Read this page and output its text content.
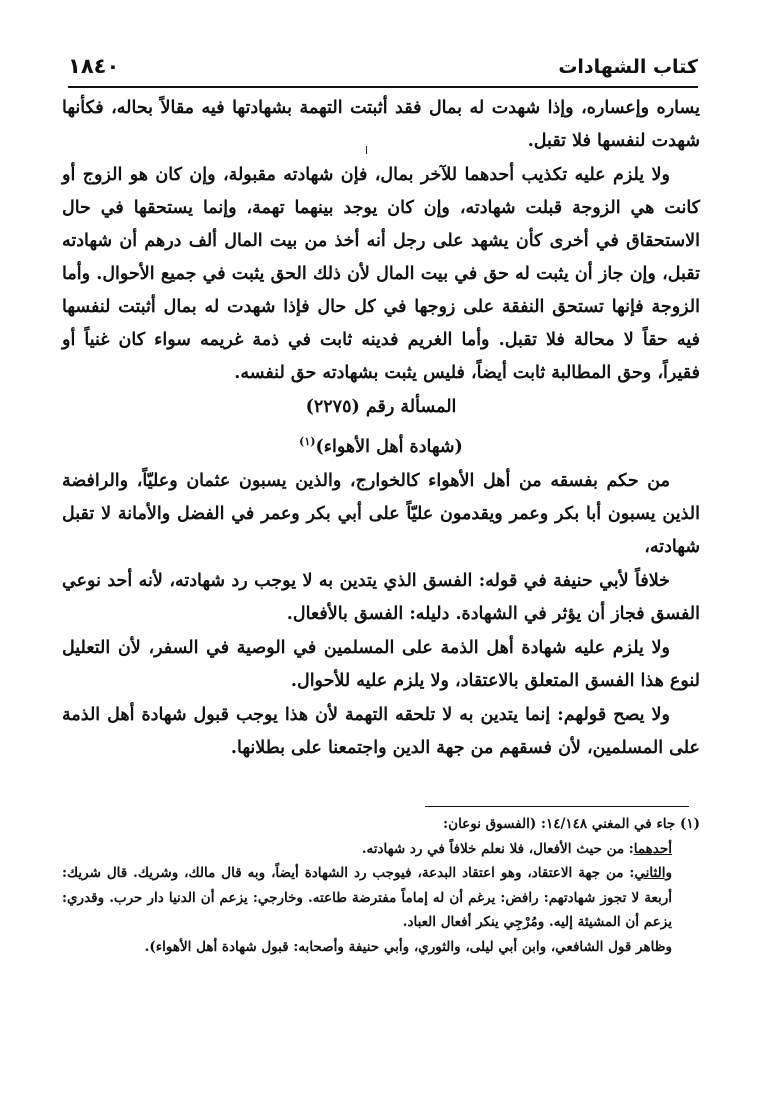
كتاب الشهادات
١٨٤٠

يساره وإعساره، وإذا شهدت له بمال فقد أثبتت التهمة بشهادتها فيه مقالاً بحاله، فكأنها شهدت لنفسها فلا تقبل.

ولا يلزم عليه تكذيب أحدهما للآخر بمال، فإن شهادته مقبولة، وإن كان هو الزوج أو كانت هي الزوجة قبلت شهادته، وإن كان يوجد بينهما تهمة، وإنما يستحقها في حال الاستحقاق في أخرى كأن يشهد على رجل أنه أخذ من بيت المال ألف درهم أن شهادته تقبل، وإن جاز أن يثبت له حق في بيت المال لأن ذلك الحق يثبت في جميع الأحوال. وأما الزوجة فإنها تستحق النفقة على زوجها في كل حال فإذا شهدت له بمال أثبتت لنفسها فيه حقاً لا محالة فلا تقبل. وأما الغريم فدينه ثابت في ذمة غريمه سواء كان غنياً أو فقيراً، وحق المطالبة ثابت أيضاً، فليس يثبت بشهادته حق لنفسه.

المسألة رقم (٢٢٧٥)

(شهادة أهل الأهواء)$^{(١)}$

من حكم بفسقه من أهل الأهواء كالخوارج، والذين يسبون عثمان وعليّاً، والرافضة الذين يسبون أبا بكر وعمر ويقدمون عليّاً على أبي بكر وعمر في الفضل والأمانة لا تقبل شهادته،

خلافاً لأبي حنيفة في قوله: الفسق الذي يتدين به لا يوجب رد شهادته، لأنه أحد نوعي الفسق فجاز أن يؤثر في الشهادة. دليله: الفسق بالأفعال.

ولا يلزم عليه شهادة أهل الذمة على المسلمين في الوصية في السفر، لأن التعليل لنوع هذا الفسق المتعلق بالاعتقاد، ولا يلزم عليه للأحوال.

ولا يصح قولهم: إنما يتدين به لا تلحقه التهمة لأن هذا يوجب قبول شهادة أهل الذمة على المسلمين، لأن فسقهم من جهة الدين واجتمعنا على بطلانها.

(١) جاء في المغني ١٤/١٤٨: (الفسوق نوعان:

أحدهما: من حيث الأفعال، فلا نعلم خلافاً في رد شهادته.

والثاني: من جهة الاعتقاد، وهو اعتقاد البدعة، فيوجب رد الشهادة أيضاً، وبه قال مالك، وشريك. قال شريك: أربعة لا تجوز شهادتهم: رافض: يرغم أن له إماماً مفترضة طاعته. وخارجي: يزعم أن الدنيا دار حرب. وقدري: يزعم أن المشيئة إليه. ومُرْجِي ينكر أفعال العباد.

وظاهر قول الشافعي، وابن أبي ليلى، والثوري، وأبي حنيفة وأصحابه: قبول شهادة أهل الأهواء).
